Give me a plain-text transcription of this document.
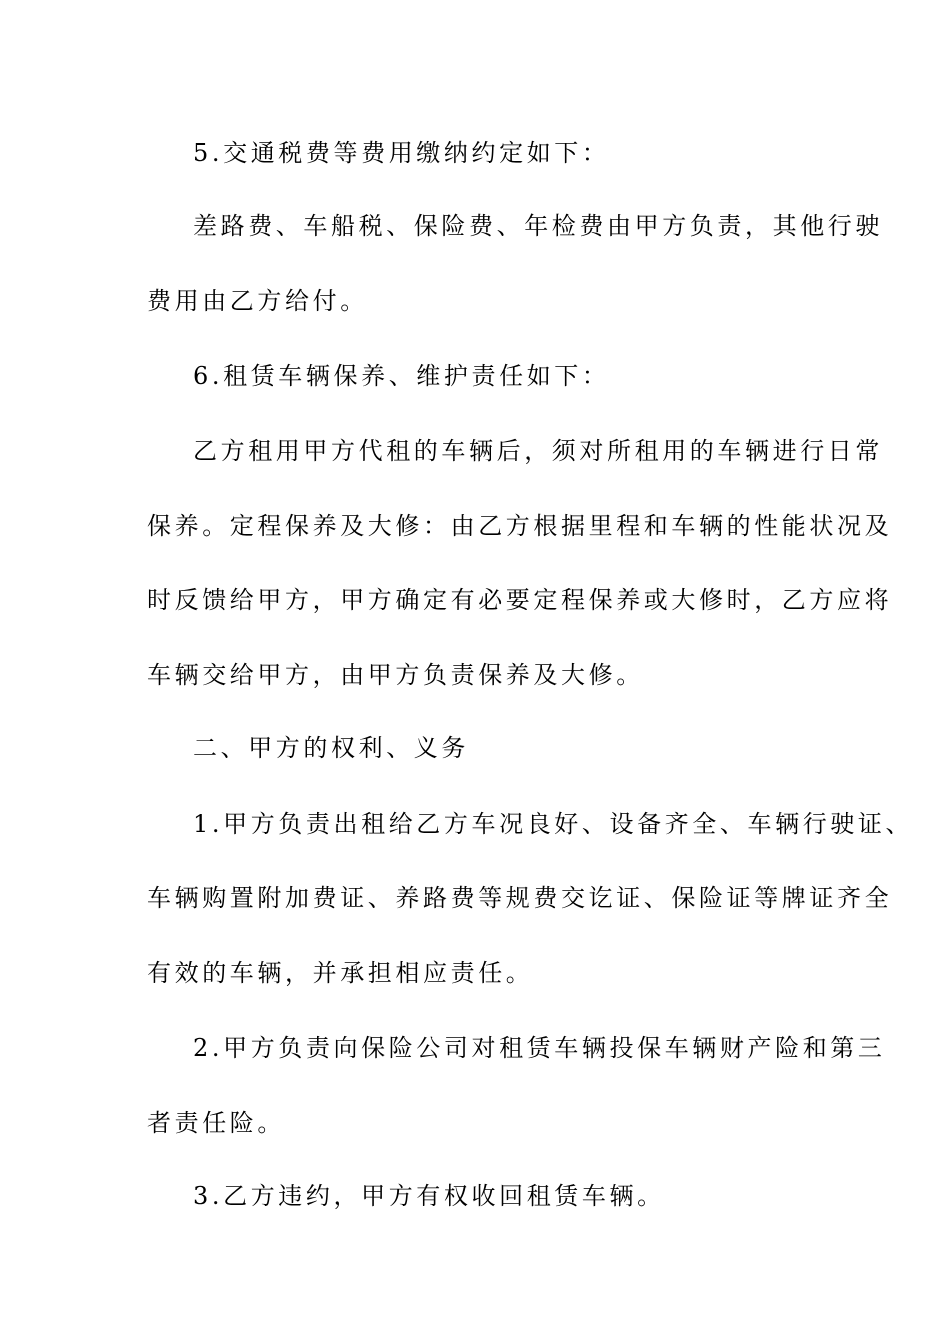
5.交通税费等费用缴纳约定如下：
差路费、车船税、保险费、年检费由甲方负责，其他行驶
费用由乙方给付。
6.租赁车辆保养、维护责任如下：
乙方租用甲方代租的车辆后，须对所租用的车辆进行日常
保养。定程保养及大修：由乙方根据里程和车辆的性能状况及
时反馈给甲方，甲方确定有必要定程保养或大修时，乙方应将
车辆交给甲方，由甲方负责保养及大修。
二、甲方的权利、义务
1.甲方负责出租给乙方车况良好、设备齐全、车辆行驶证、
车辆购置附加费证、养路费等规费交讫证、保险证等牌证齐全
有效的车辆，并承担相应责任。
2.甲方负责向保险公司对租赁车辆投保车辆财产险和第三
者责任险。
3.乙方违约，甲方有权收回租赁车辆。
